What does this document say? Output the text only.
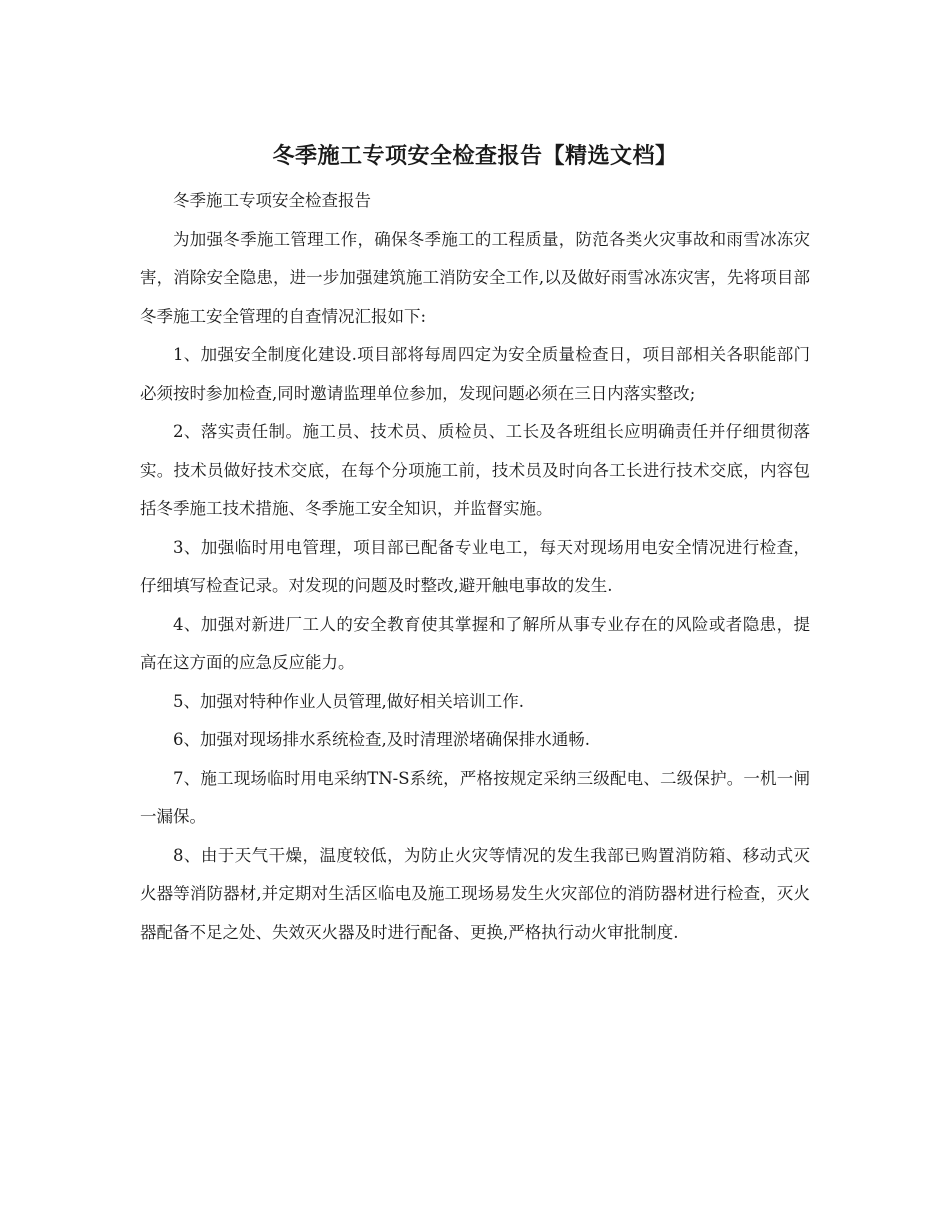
冬季施工专项安全检查报告【精选文档】

冬季施工专项安全检查报告

为加强冬季施工管理工作，确保冬季施工的工程质量，防范各类火灾事故和雨雪冰冻灾害，消除安全隐患，进一步加强建筑施工消防安全工作,以及做好雨雪冰冻灾害，先将项目部冬季施工安全管理的自查情况汇报如下:

1、加强安全制度化建设.项目部将每周四定为安全质量检查日，项目部相关各职能部门必须按时参加检查,同时邀请监理单位参加，发现问题必须在三日内落实整改;

2、落实责任制。施工员、技术员、质检员、工长及各班组长应明确责任并仔细贯彻落实。技术员做好技术交底，在每个分项施工前，技术员及时向各工长进行技术交底，内容包括冬季施工技术措施、冬季施工安全知识，并监督实施。

3、加强临时用电管理，项目部已配备专业电工，每天对现场用电安全情况进行检查，仔细填写检查记录。对发现的问题及时整改,避开触电事故的发生.

4、加强对新进厂工人的安全教育使其掌握和了解所从事专业存在的风险或者隐患，提高在这方面的应急反应能力。

5、加强对特种作业人员管理,做好相关培训工作.

6、加强对现场排水系统检查,及时清理淤堵确保排水通畅.

7、施工现场临时用电采纳TN-S系统，严格按规定采纳三级配电、二级保护。一机一闸一漏保。

8、由于天气干燥，温度较低，为防止火灾等情况的发生我部已购置消防箱、移动式灭火器等消防器材,并定期对生活区临电及施工现场易发生火灾部位的消防器材进行检查，灭火器配备不足之处、失效灭火器及时进行配备、更换,严格执行动火审批制度.
